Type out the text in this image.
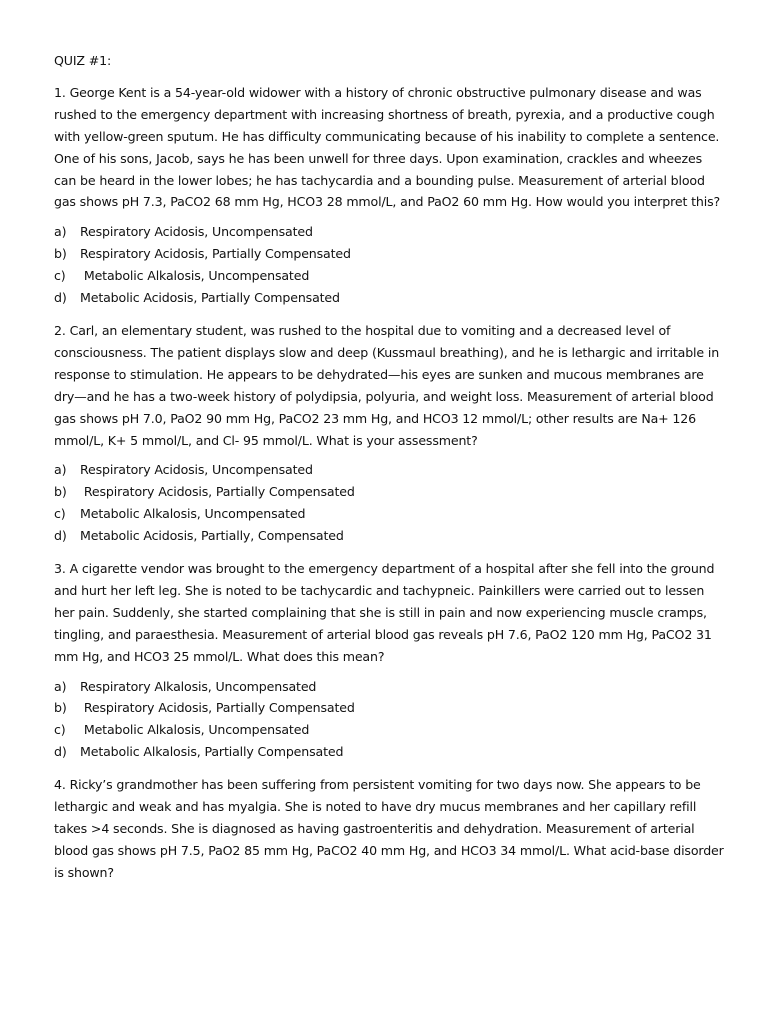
QUIZ #1:

1. George Kent is a 54-year-old widower with a history of chronic obstructive pulmonary disease and was rushed to the emergency department with increasing shortness of breath, pyrexia, and a productive cough with yellow-green sputum. He has difficulty communicating because of his inability to complete a sentence. One of his sons, Jacob, says he has been unwell for three days. Upon examination, crackles and wheezes can be heard in the lower lobes; he has tachycardia and a bounding pulse. Measurement of arterial blood gas shows pH 7.3, PaCO2 68 mm Hg, HCO3 28 mmol/L, and PaO2 60 mm Hg. How would you interpret this?

a)	Respiratory Acidosis, Uncompensated
b)	Respiratory Acidosis, Partially Compensated
c)	Metabolic Alkalosis, Uncompensated
d)	Metabolic Acidosis, Partially Compensated

2. Carl, an elementary student, was rushed to the hospital due to vomiting and a decreased level of consciousness. The patient displays slow and deep (Kussmaul breathing), and he is lethargic and irritable in response to stimulation. He appears to be dehydrated—his eyes are sunken and mucous membranes are dry—and he has a two-week history of polydipsia, polyuria, and weight loss. Measurement of arterial blood gas shows pH 7.0, PaO2 90 mm Hg, PaCO2 23 mm Hg, and HCO3 12 mmol/L; other results are Na+ 126 mmol/L, K+ 5 mmol/L, and Cl- 95 mmol/L. What is your assessment?

a)	Respiratory Acidosis, Uncompensated
b)	Respiratory Acidosis, Partially Compensated
c)	Metabolic Alkalosis, Uncompensated
d)	Metabolic Acidosis, Partially, Compensated

3. A cigarette vendor was brought to the emergency department of a hospital after she fell into the ground and hurt her left leg. She is noted to be tachycardic and tachypneic. Painkillers were carried out to lessen her pain. Suddenly, she started complaining that she is still in pain and now experiencing muscle cramps, tingling, and paraesthesia. Measurement of arterial blood gas reveals pH 7.6, PaO2 120 mm Hg, PaCO2 31 mm Hg, and HCO3 25 mmol/L. What does this mean?

a)	Respiratory Alkalosis, Uncompensated
b)	Respiratory Acidosis, Partially Compensated
c)	Metabolic Alkalosis, Uncompensated
d)	Metabolic Alkalosis, Partially Compensated

4. Ricky’s grandmother has been suffering from persistent vomiting for two days now. She appears to be lethargic and weak and has myalgia. She is noted to have dry mucus membranes and her capillary refill takes >4 seconds. She is diagnosed as having gastroenteritis and dehydration. Measurement of arterial blood gas shows pH 7.5, PaO2 85 mm Hg, PaCO2 40 mm Hg, and HCO3 34 mmol/L. What acid-base disorder is shown?
